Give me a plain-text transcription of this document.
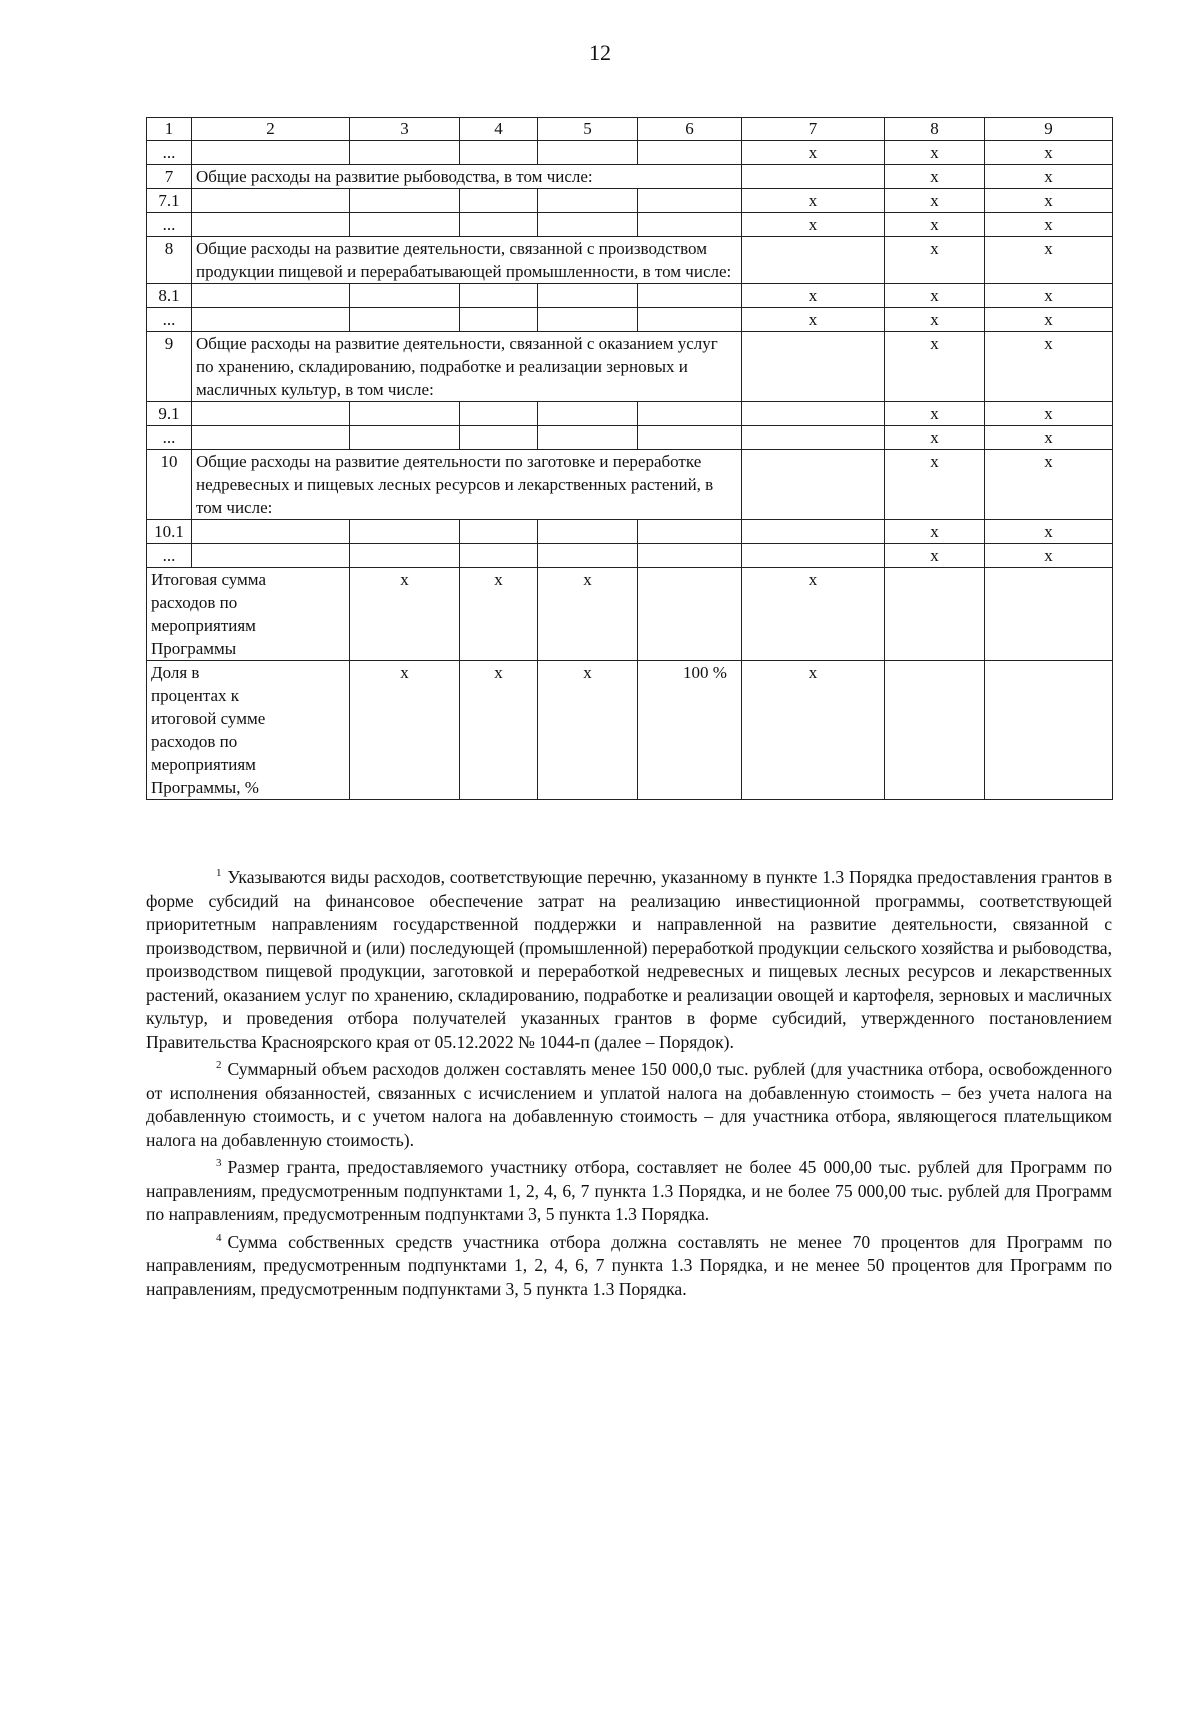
12
1	2	3	4	5	6	7	8	9
...						x	x	x
7	Общие расходы на развитие рыбоводства, в том числе:						x	x
7.1						x	x	x
...						x	x	x
8	Общие расходы на развитие деятельности, связанной с производством продукции пищевой и перерабатывающей промышленности, в том числе:						x	x
8.1						x	x	x
...						x	x	x
9	Общие расходы на развитие деятельности, связанной с оказанием услуг по хранению, складированию, подработке и реализации зерновых и масличных культур, в том числе:						x	x
9.1							x	x
...							x	x
10	Общие расходы на развитие деятельности по заготовке и переработке недревесных и пищевых лесных ресурсов и лекарственных растений, в том числе:						x	x
10.1							x	x
...							x	x
Итоговая сумма расходов по мероприятиям Программы		x	x	x		x		
Доля в процентах к итоговой сумме расходов по мероприятиям Программы, %		x	x	x	100 %	x		

$^1$ Указываются виды расходов, соответствующие перечню, указанному в пункте 1.3 Порядка предоставления грантов в форме субсидий на финансовое обеспечение затрат на реализацию инвестиционной программы, соответствующей приоритетным направлениям государственной поддержки и направленной на развитие деятельности, связанной с производством, первичной и (или) последующей (промышленной) переработкой продукции сельского хозяйства и рыбоводства, производством пищевой продукции, заготовкой и переработкой недревесных и пищевых лесных ресурсов и лекарственных растений, оказанием услуг по хранению, складированию, подработке и реализации овощей и картофеля, зерновых и масличных культур, и проведения отбора получателей указанных грантов в форме субсидий, утвержденного постановлением Правительства Красноярского края от 05.12.2022 № 1044-п (далее – Порядок).

$^2$ Суммарный объем расходов должен составлять менее 150 000,0 тыс. рублей (для участника отбора, освобожденного от исполнения обязанностей, связанных с исчислением и уплатой налога на добавленную стоимость – без учета налога на добавленную стоимость, и с учетом налога на добавленную стоимость – для участника отбора, являющегося плательщиком налога на добавленную стоимость).

$^3$ Размер гранта, предоставляемого участнику отбора, составляет не более 45 000,00 тыс. рублей для Программ по направлениям, предусмотренным подпунктами 1, 2, 4, 6, 7 пункта 1.3 Порядка, и не более 75 000,00 тыс. рублей для Программ по направлениям, предусмотренным подпунктами 3, 5 пункта 1.3 Порядка.

$^4$ Сумма собственных средств участника отбора должна составлять не менее 70 процентов для Программ по направлениям, предусмотренным подпунктами 1, 2, 4, 6, 7 пункта 1.3 Порядка, и не менее 50 процентов для Программ по направлениям, предусмотренным подпунктами 3, 5 пункта 1.3 Порядка.
